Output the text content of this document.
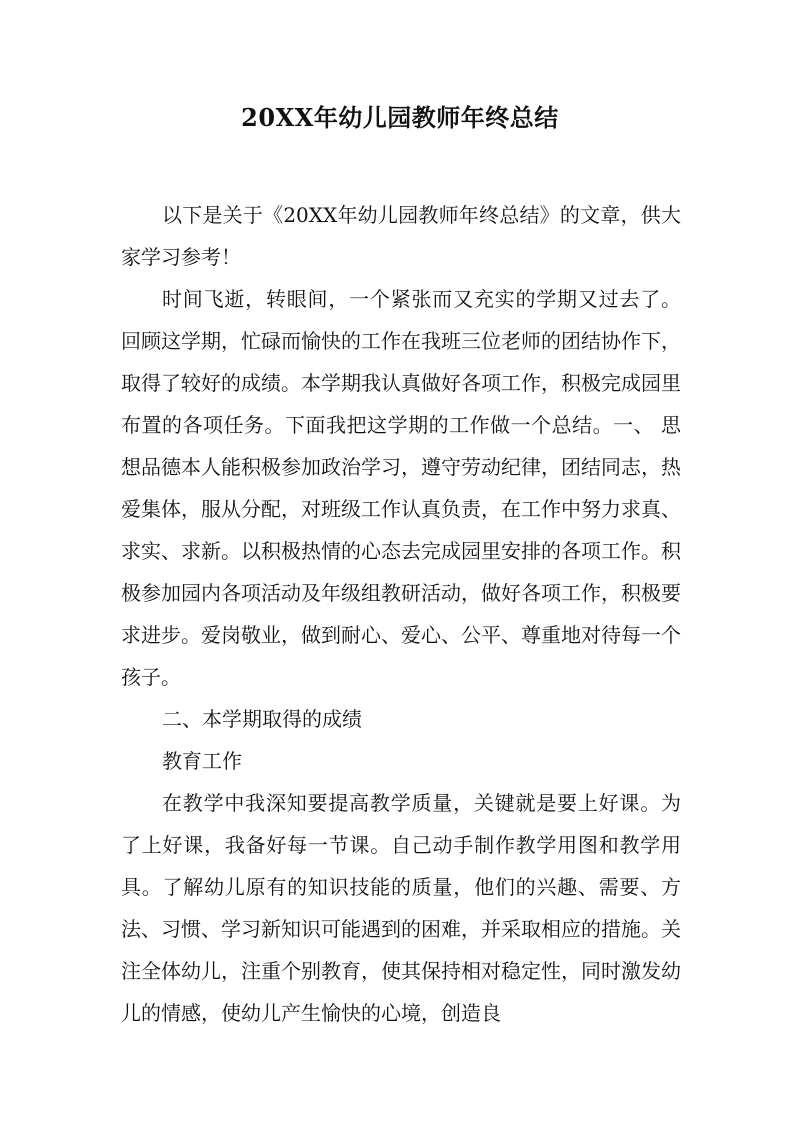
20XX年幼儿园教师年终总结

以下是关于《20XX年幼儿园教师年终总结》的文章，供大家学习参考！

时间飞逝，转眼间，一个紧张而又充实的学期又过去了。回顾这学期，忙碌而愉快的工作在我班三位老师的团结协作下，取得了较好的成绩。本学期我认真做好各项工作，积极完成园里布置的各项任务。下面我把这学期的工作做一个总结。一、 思想品德本人能积极参加政治学习，遵守劳动纪律，团结同志，热爱集体，服从分配，对班级工作认真负责，在工作中努力求真、求实、求新。以积极热情的心态去完成园里安排的各项工作。积极参加园内各项活动及年级组教研活动，做好各项工作，积极要求进步。爱岗敬业，做到耐心、爱心、公平、尊重地对待每一个孩子。

二、本学期取得的成绩

教育工作

在教学中我深知要提高教学质量，关键就是要上好课。为了上好课，我备好每一节课。自己动手制作教学用图和教学用具。了解幼儿原有的知识技能的质量，他们的兴趣、需要、方法、习惯、学习新知识可能遇到的困难，并采取相应的措施。关注全体幼儿，注重个别教育，使其保持相对稳定性，同时激发幼儿的情感，使幼儿产生愉快的心境，创造良
